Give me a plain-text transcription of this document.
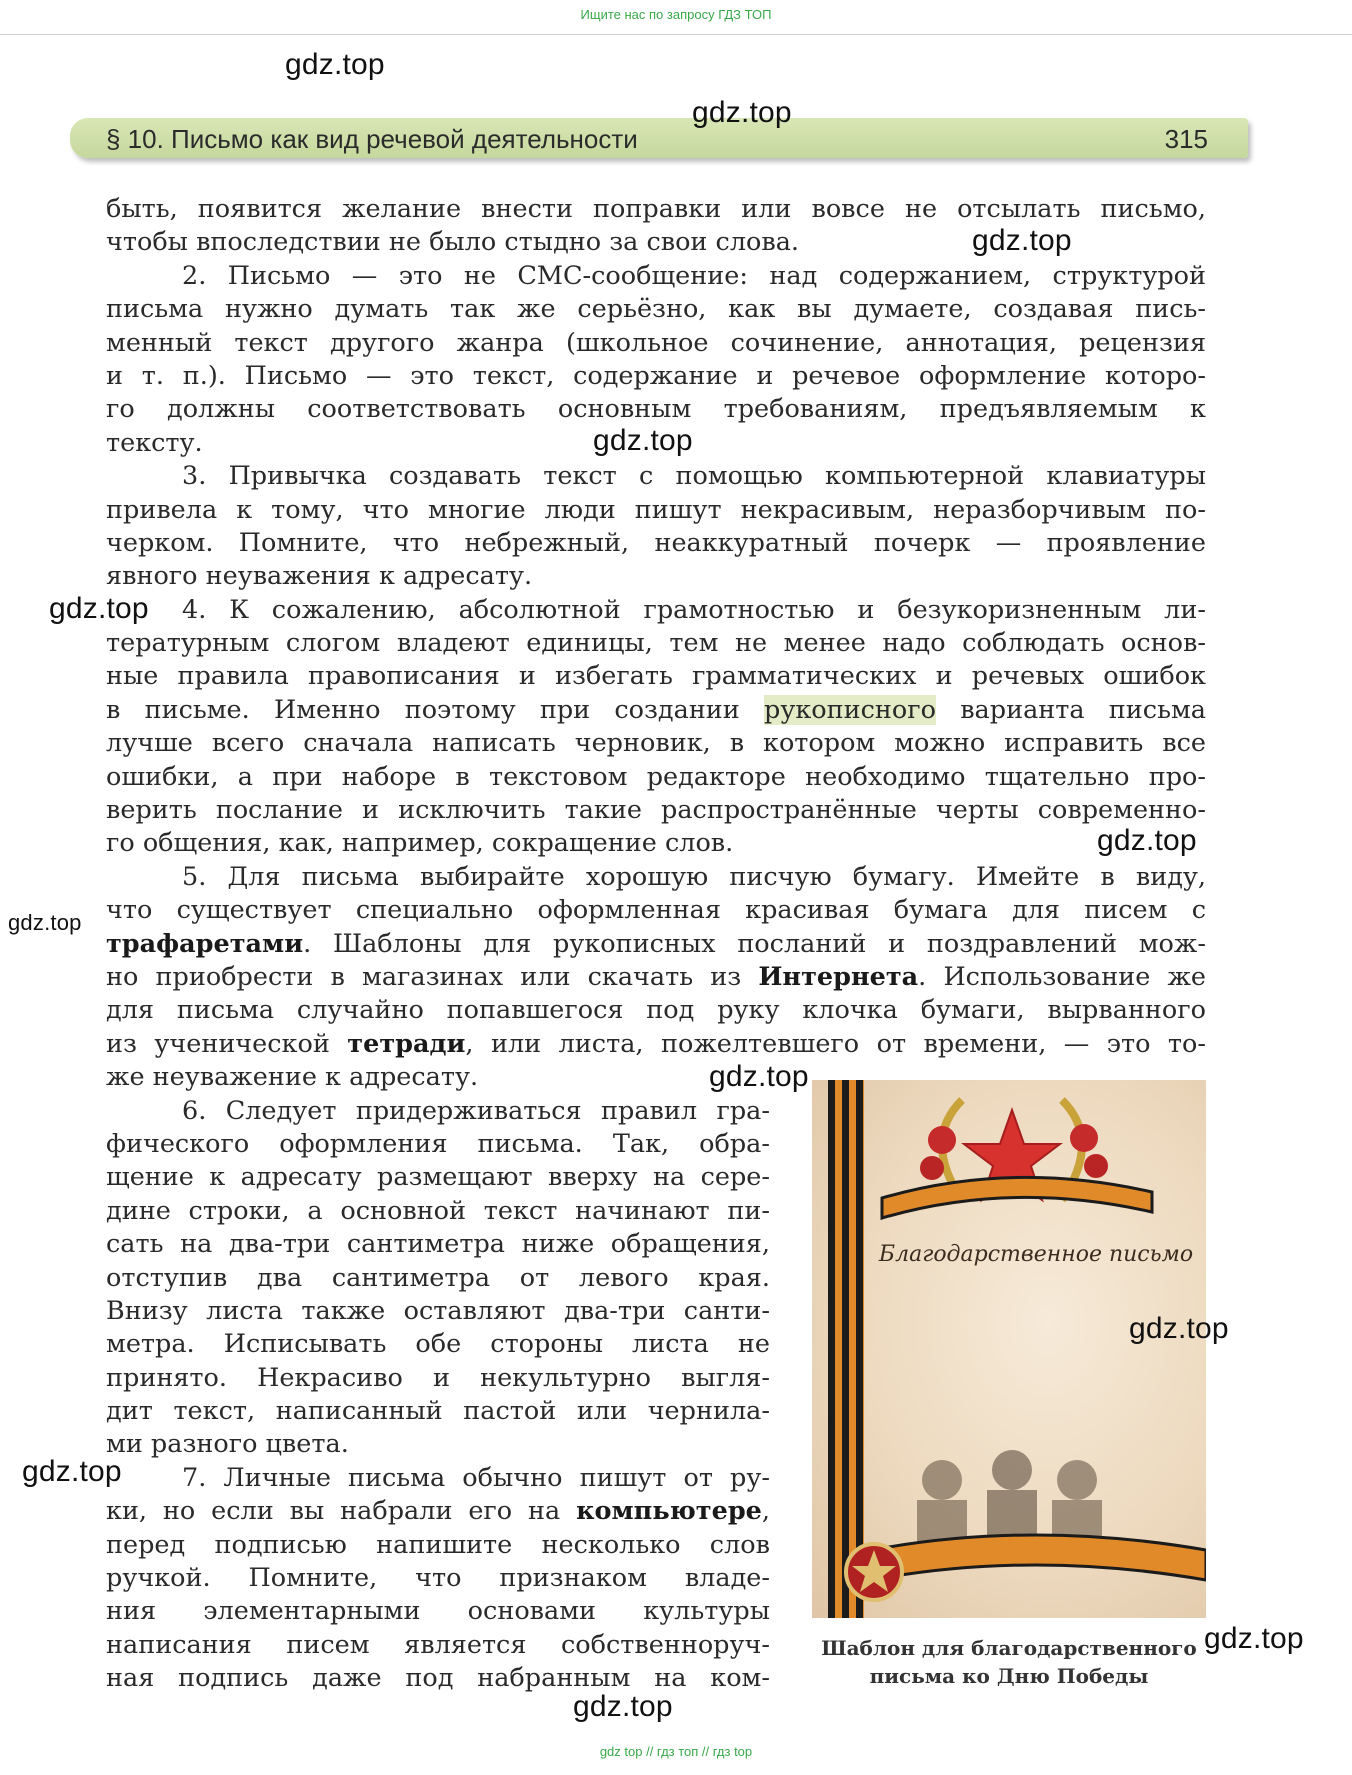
Ищите нас по запросу ГДЗ ТОП
§ 10. Письмо как вид речевой деятельности	315
быть, появится желание внести поправки или вовсе не отсылать письмо,
чтобы впоследствии не было стыдно за свои слова.
2. Письмо — это не СМС-сообщение: над содержанием, структурой
письма нужно думать так же серьёзно, как вы думаете, создавая пись-
менный текст другого жанра (школьное сочинение, аннотация, рецензия
и т. п.). Письмо — это текст, содержание и речевое оформление которо-
го должны соответствовать основным требованиям, предъявляемым к
тексту.
3. Привычка создавать текст с помощью компьютерной клавиатуры
привела к тому, что многие люди пишут некрасивым, неразборчивым по-
черком. Помните, что небрежный, неаккуратный почерк — проявление
явного неуважения к адресату.
4. К сожалению, абсолютной грамотностью и безукоризненным ли-
тературным слогом владеют единицы, тем не менее надо соблюдать основ-
ные правила правописания и избегать грамматических и речевых ошибок
в письме. Именно поэтому при создании рукописного варианта письма
лучше всего сначала написать черновик, в котором можно исправить все
ошибки, а при наборе в текстовом редакторе необходимо тщательно про-
верить послание и исключить такие распространённые черты современно-
го общения, как, например, сокращение слов.
5. Для письма выбирайте хорошую писчую бумагу. Имейте в виду,
что существует специально оформленная красивая бумага для писем с
трафаретами. Шаблоны для рукописных посланий и поздравлений мож-
но приобрести в магазинах или скачать из Интернета. Использование же
для письма случайно попавшегося под руку клочка бумаги, вырванного
из ученической тетради, или листа, пожелтевшего от времени, — это то-
же неуважение к адресату.
6. Следует придерживаться правил гра-
фического оформления письма. Так, обра-
щение к адресату размещают вверху на сере-
дине строки, а основной текст начинают пи-
сать на два-три сантиметра ниже обращения,
отступив два сантиметра от левого края.
Внизу листа также оставляют два-три санти-
метра. Исписывать обе стороны листа не
принято. Некрасиво и некультурно выгля-
дит текст, написанный пастой или чернила-
ми разного цвета.
7. Личные письма обычно пишут от ру-
ки, но если вы набрали его на компьютере,
перед подписью напишите несколько слов
ручкой. Помните, что признаком владе-
ния элементарными основами культуры
написания писем является собственноруч-
ная подпись даже под набранным на ком-
Благодарственное письмо
Шаблон для благодарственного
письма ко Дню Победы
gdz.top
gdz.top
gdz.top
gdz.top
gdz.top
gdz.top
gdz.top
gdz.top
gdz.top
gdz.top
gdz.top
gdz.top
gdz top // гдз топ // гдз top
